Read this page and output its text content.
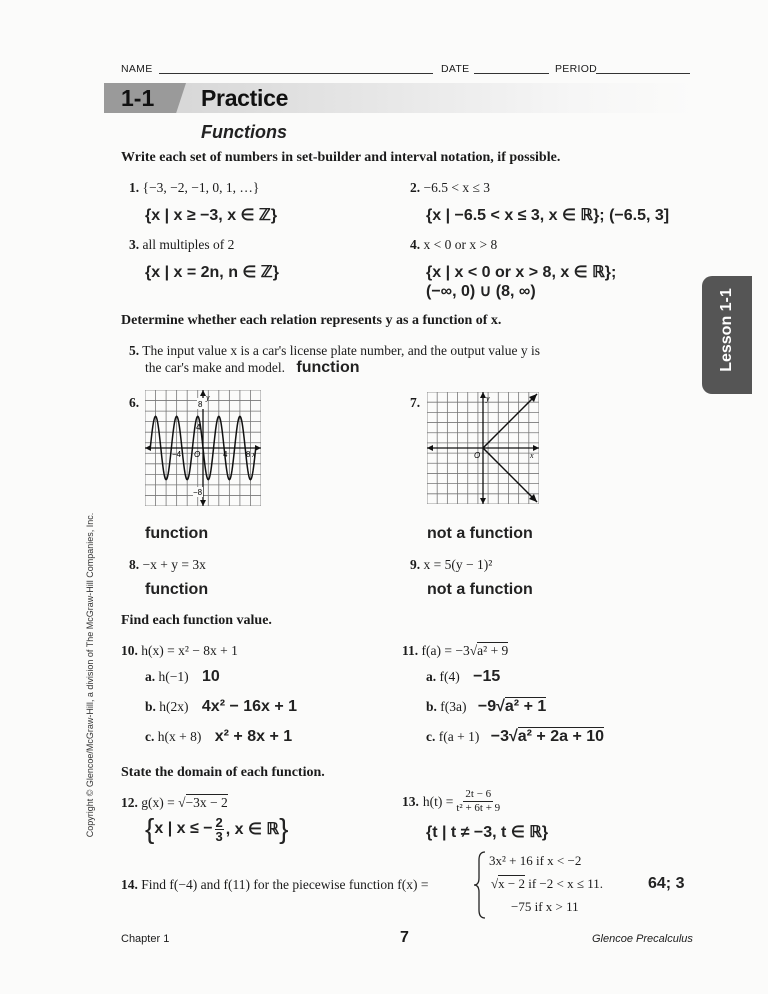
NAME	DATE	PERIOD
1-1 Practice
Functions
Lesson 1-1
Copyright © Glencoe/McGraw-Hill, a division of The McGraw-Hill Companies, Inc.
Write each set of numbers in set-builder and interval notation, if possible.
1. {−3, −2, −1, 0, 1, …}
{x | x ≥ −3, x ∈ ℤ}
2. −6.5 < x ≤ 3
{x | −6.5 < x ≤ 3, x ∈ ℝ}; (−6.5, 3]
3. all multiples of 2
{x | x = 2n, n ∈ ℤ}
4. x < 0 or x > 8
{x | x < 0 or x > 8, x ∈ ℝ};
(−∞, 0) ∪ (8, ∞)
Determine whether each relation represents y as a function of x.
5. The input value x is a car's license plate number, and the output value y is
the car's make and model. function
6.	8
y
4
−4 O	4 8 x
−8
function
7.	y
O	x
not a function
8. −x + y = 3x
function
9. x = 5(y − 1)²
not a function
Find each function value.
10. h(x) = x² − 8x + 1
a. h(−1) 10
b. h(2x) 4x² − 16x + 1
c. h(x + 8) x² + 8x + 1
11. f(a) = −3√a² + 9
a. f(4) −15
b. f(3a) −9√a² + 1
c. f(a + 1) −3√a² + 2a + 10
State the domain of each function.
12. g(x) = √−3x − 2
{ x | x ≤ − $\frac{2}{3}$ , x ∈ ℝ }
13. $h(t) = \frac{2t - 6}{\text{t² + 6t + 9}}$
{t | t ≠ −3, t ∈ ℝ}
14. Find f(−4) and f(11) for the piecewise function f(x) =
3x² + 16 if x < −2
√x − 2 if −2 < x ≤ 11.
−75 if x > 11
64; 3
Chapter 1	7	Glencoe Precalculus
